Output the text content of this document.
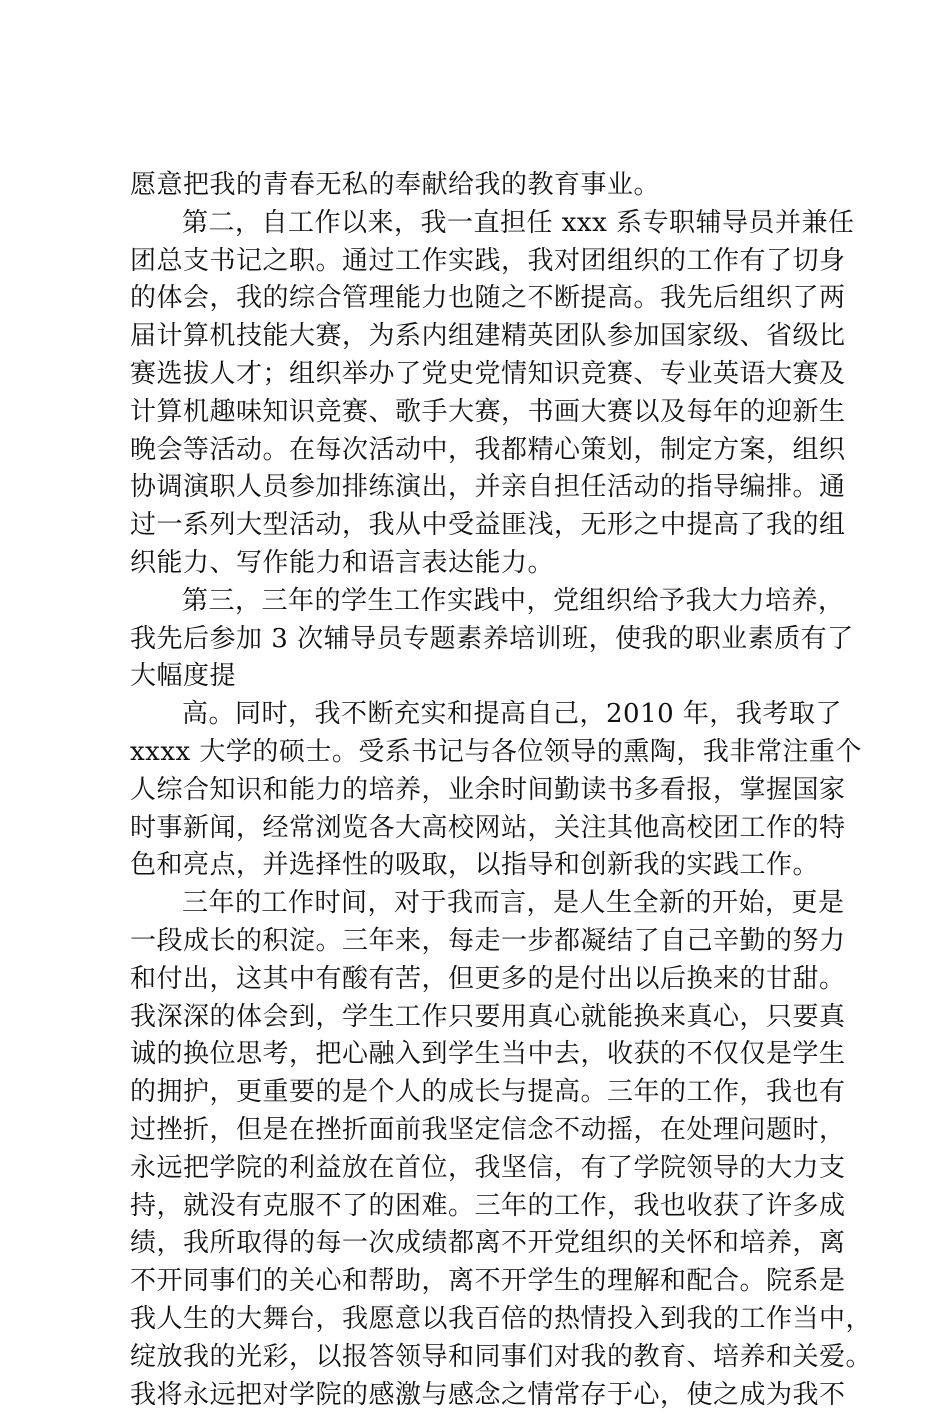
愿意把我的青春无私的奉献给我的教育事业。
第二，自工作以来，我一直担任 xxx 系专职辅导员并兼任
团总支书记之职。通过工作实践，我对团组织的工作有了切身
的体会，我的综合管理能力也随之不断提高。我先后组织了两
届计算机技能大赛，为系内组建精英团队参加国家级、省级比
赛选拔人才；组织举办了党史党情知识竞赛、专业英语大赛及
计算机趣味知识竞赛、歌手大赛，书画大赛以及每年的迎新生
晚会等活动。在每次活动中，我都精心策划，制定方案，组织
协调演职人员参加排练演出，并亲自担任活动的指导编排。通
过一系列大型活动，我从中受益匪浅，无形之中提高了我的组
织能力、写作能力和语言表达能力。
第三，三年的学生工作实践中，党组织给予我大力培养，
我先后参加 3 次辅导员专题素养培训班，使我的职业素质有了
大幅度提
高。同时，我不断充实和提高自己，2010 年，我考取了
xxxx 大学的硕士。受系书记与各位领导的熏陶，我非常注重个
人综合知识和能力的培养，业余时间勤读书多看报，掌握国家
时事新闻，经常浏览各大高校网站，关注其他高校团工作的特
色和亮点，并选择性的吸取，以指导和创新我的实践工作。
三年的工作时间，对于我而言，是人生全新的开始，更是
一段成长的积淀。三年来，每走一步都凝结了自己辛勤的努力
和付出，这其中有酸有苦，但更多的是付出以后换来的甘甜。
我深深的体会到，学生工作只要用真心就能换来真心，只要真
诚的换位思考，把心融入到学生当中去，收获的不仅仅是学生
的拥护，更重要的是个人的成长与提高。三年的工作，我也有
过挫折，但是在挫折面前我坚定信念不动摇，在处理问题时，
永远把学院的利益放在首位，我坚信，有了学院领导的大力支
持，就没有克服不了的困难。三年的工作，我也收获了许多成
绩，我所取得的每一次成绩都离不开党组织的关怀和培养，离
不开同事们的关心和帮助，离不开学生的理解和配合。院系是
我人生的大舞台，我愿意以我百倍的热情投入到我的工作当中，
绽放我的光彩，以报答领导和同事们对我的教育、培养和关爱。
我将永远把对学院的感激与感念之情常存于心，使之成为我不
